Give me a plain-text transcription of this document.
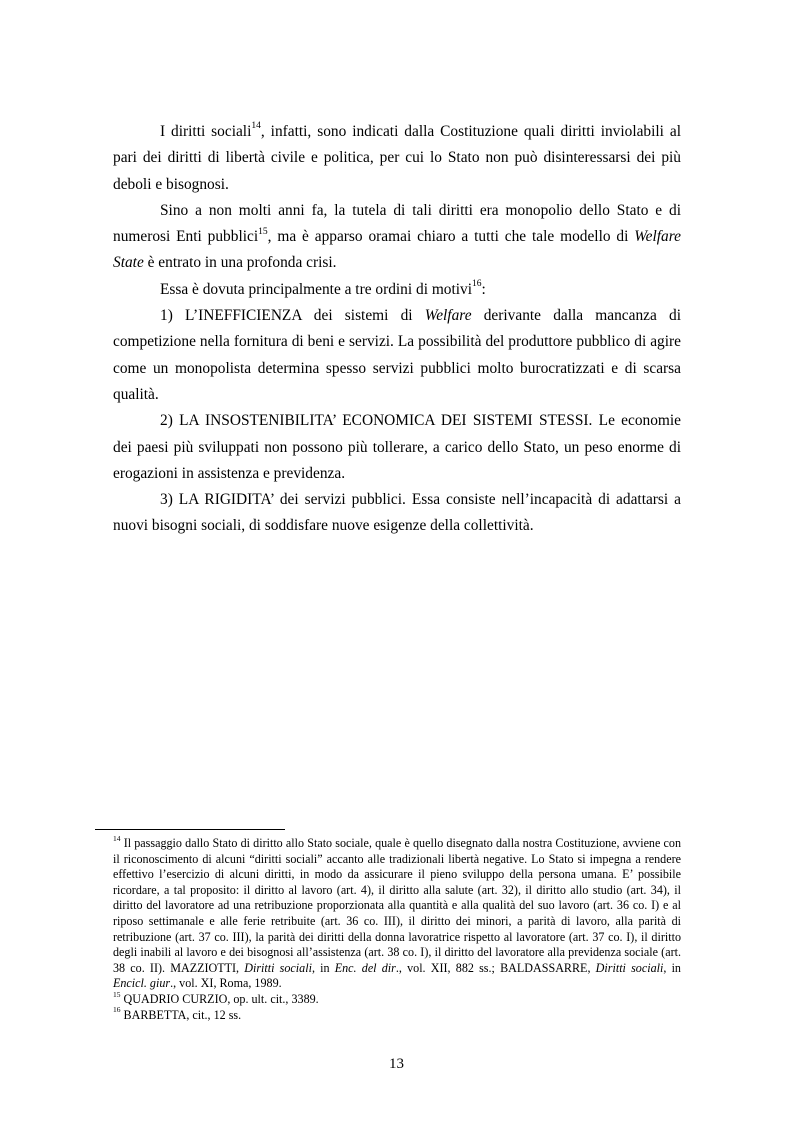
I diritti sociali$^{14}$, infatti, sono indicati dalla Costituzione quali diritti inviolabili al pari dei diritti di libertà civile e politica, per cui lo Stato non può disinteressarsi dei più deboli e bisognosi.

Sino a non molti anni fa, la tutela di tali diritti era monopolio dello Stato e di numerosi Enti pubblici$^{15}$, ma è apparso oramai chiaro a tutti che tale modello di Welfare State è entrato in una profonda crisi.

Essa è dovuta principalmente a tre ordini di motivi$^{16}$:

1) L’INEFFICIENZA dei sistemi di Welfare derivante dalla mancanza di competizione nella fornitura di beni e servizi. La possibilità del produttore pubblico di agire come un monopolista determina spesso servizi pubblici molto burocratizzati e di scarsa qualità.

2) LA INSOSTENIBILITA’ ECONOMICA DEI SISTEMI STESSI. Le economie dei paesi più sviluppati non possono più tollerare, a carico dello Stato, un peso enorme di erogazioni in assistenza e previdenza.

3) LA RIGIDITA’ dei servizi pubblici. Essa consiste nell’incapacità di adattarsi a nuovi bisogni sociali, di soddisfare nuove esigenze della collettività.

$^{14}$ Il passaggio dallo Stato di diritto allo Stato sociale, quale è quello disegnato dalla nostra Costituzione, avviene con il riconoscimento di alcuni “diritti sociali” accanto alle tradizionali libertà negative. Lo Stato si impegna a rendere effettivo l’esercizio di alcuni diritti, in modo da assicurare il pieno sviluppo della persona umana. E’ possibile ricordare, a tal proposito: il diritto al lavoro (art. 4), il diritto alla salute (art. 32), il diritto allo studio (art. 34), il diritto del lavoratore ad una retribuzione proporzionata alla quantità e alla qualità del suo lavoro (art. 36 co. I) e al riposo settimanale e alle ferie retribuite (art. 36 co. III), il diritto dei minori, a parità di lavoro, alla parità di retribuzione (art. 37 co. III), la parità dei diritti della donna lavoratrice rispetto al lavoratore (art. 37 co. I), il diritto degli inabili al lavoro e dei bisognosi all’assistenza (art. 38 co. I), il diritto del lavoratore alla previdenza sociale (art. 38 co. II). MAZZIOTTI, Diritti sociali, in Enc. del dir., vol. XII, 882 ss.; BALDASSARRE, Diritti sociali, in Encicl. giur., vol. XI, Roma, 1989.

$^{15}$ QUADRIO CURZIO, op. ult. cit., 3389.

$^{16}$ BARBETTA, cit., 12 ss.

13
